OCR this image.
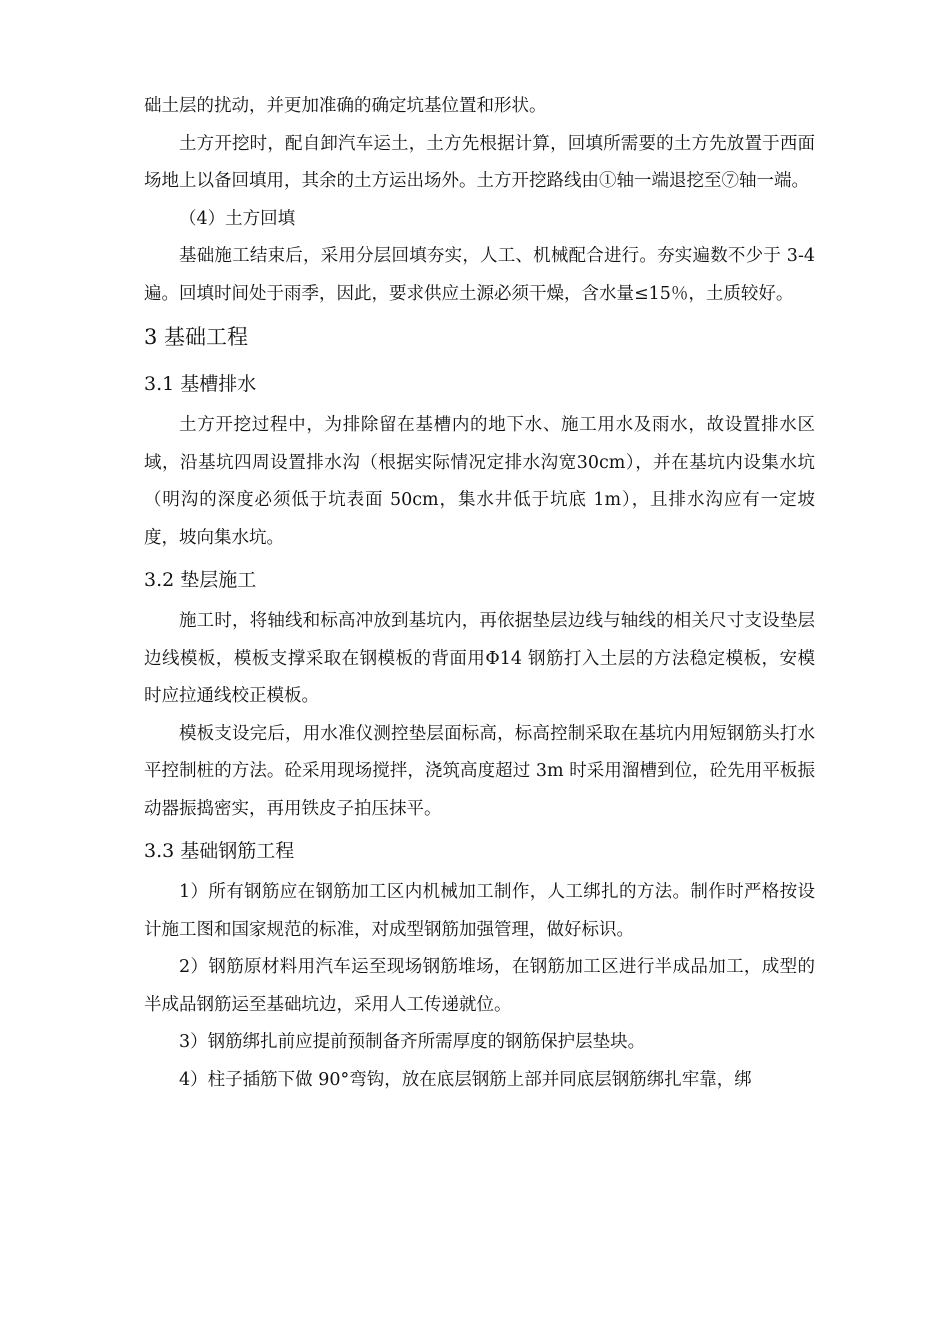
础土层的扰动，并更加准确的确定坑基位置和形状。

土方开挖时，配自卸汽车运土，土方先根据计算，回填所需要的土方先放置于西面场地上以备回填用，其余的土方运出场外。土方开挖路线由①轴一端退挖至⑦轴一端。

（4）土方回填

基础施工结束后，采用分层回填夯实，人工、机械配合进行。夯实遍数不少于 3-4 遍。回填时间处于雨季，因此，要求供应土源必须干燥，含水量≤15％，土质较好。

3 基础工程
3.1 基槽排水

土方开挖过程中，为排除留在基槽内的地下水、施工用水及雨水，故设置排水区域，沿基坑四周设置排水沟（根据实际情况定排水沟宽30cm），并在基坑内设集水坑（明沟的深度必须低于坑表面 50cm，集水井低于坑底 1m），且排水沟应有一定坡度，坡向集水坑。

3.2 垫层施工

施工时，将轴线和标高冲放到基坑内，再依据垫层边线与轴线的相关尺寸支设垫层边线模板，模板支撑采取在钢模板的背面用Φ14 钢筋打入土层的方法稳定模板，安模时应拉通线校正模板。

模板支设完后，用水准仪测控垫层面标高，标高控制采取在基坑内用短钢筋头打水平控制桩的方法。砼采用现场搅拌，浇筑高度超过 3m 时采用溜槽到位，砼先用平板振动器振捣密实，再用铁皮子拍压抹平。

3.3 基础钢筋工程

1）所有钢筋应在钢筋加工区内机械加工制作，人工绑扎的方法。制作时严格按设计施工图和国家规范的标准，对成型钢筋加强管理，做好标识。

2）钢筋原材料用汽车运至现场钢筋堆场，在钢筋加工区进行半成品加工，成型的半成品钢筋运至基础坑边，采用人工传递就位。

3）钢筋绑扎前应提前预制备齐所需厚度的钢筋保护层垫块。

4）柱子插筋下做 90°弯钩，放在底层钢筋上部并同底层钢筋绑扎牢靠，绑
